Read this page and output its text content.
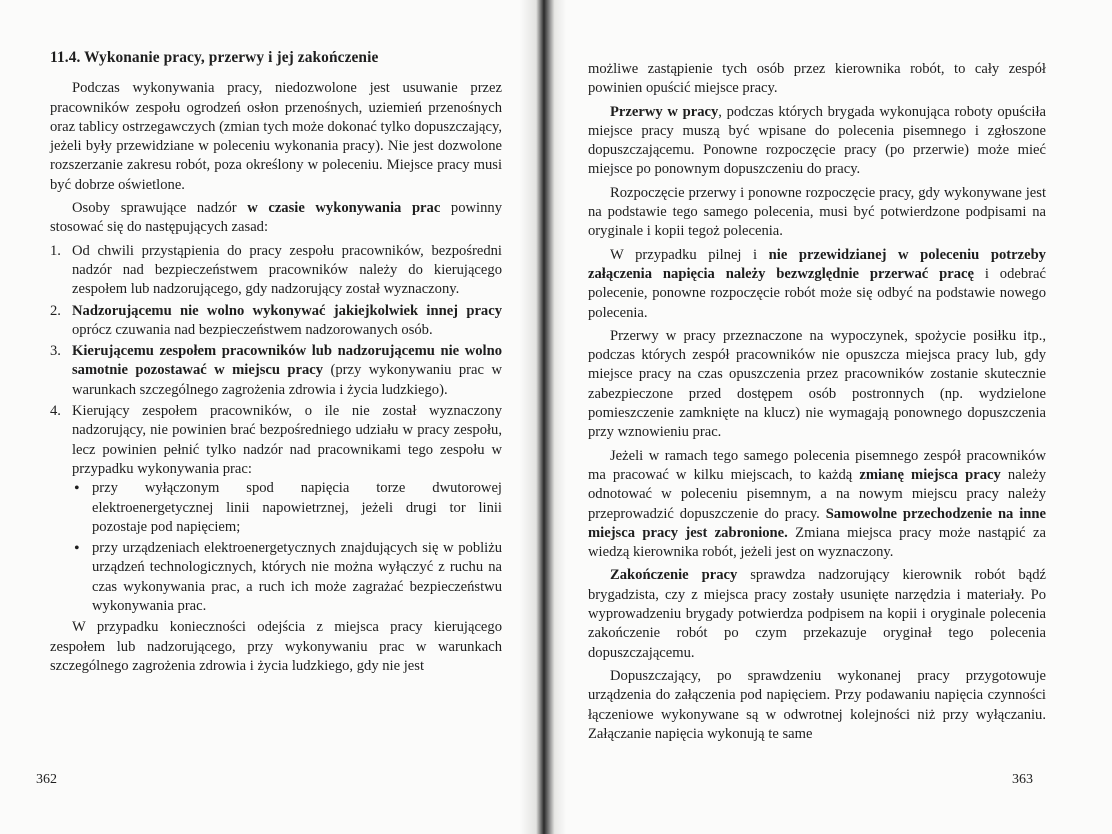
11.4. Wykonanie pracy, przerwy i jej zakończenie

Podczas wykonywania pracy, niedozwolone jest usuwanie przez pracowników zespołu ogrodzeń osłon przenośnych, uziemień przenośnych oraz tablicy ostrzegawczych (zmian tych może dokonać tylko dopuszczający, jeżeli były przewidziane w poleceniu wykonania pracy). Nie jest dozwolone rozszerzanie zakresu robót, poza określony w poleceniu. Miejsce pracy musi być dobrze oświetlone.

Osoby sprawujące nadzór w czasie wykonywania prac powinny stosować się do następujących zasad:

1. Od chwili przystąpienia do pracy zespołu pracowników, bezpośredni nadzór nad bezpieczeństwem pracowników należy do kierującego zespołem lub nadzorującego, gdy nadzorujący został wyznaczony.
2. Nadzorującemu nie wolno wykonywać jakiejkolwiek innej pracy oprócz czuwania nad bezpieczeństwem nadzorowanych osób.
3. Kierującemu zespołem pracowników lub nadzorującemu nie wolno samotnie pozostawać w miejscu pracy (przy wykonywaniu prac w warunkach szczególnego zagrożenia zdrowia i życia ludzkiego).
4. Kierujący zespołem pracowników, o ile nie został wyznaczony nadzorujący, nie powinien brać bezpośredniego udziału w pracy zespołu, lecz powinien pełnić tylko nadzór nad pracownikami tego zespołu w przypadku wykonywania prac:
• przy wyłączonym spod napięcia torze dwutorowej elektroenergetycznej linii napowietrznej, jeżeli drugi tor linii pozostaje pod napięciem;
• przy urządzeniach elektroenergetycznych znajdujących się w pobliżu urządzeń technologicznych, których nie można wyłączyć z ruchu na czas wykonywania prac, a ruch ich może zagrażać bezpieczeństwu wykonywania prac.

W przypadku konieczności odejścia z miejsca pracy kierującego zespołem lub nadzorującego, przy wykonywaniu prac w warunkach szczególnego zagrożenia zdrowia i życia ludzkiego, gdy nie jest

362

możliwe zastąpienie tych osób przez kierownika robót, to cały zespół powinien opuścić miejsce pracy.

Przerwy w pracy, podczas których brygada wykonująca roboty opuściła miejsce pracy muszą być wpisane do polecenia pisemnego i zgłoszone dopuszczającemu. Ponowne rozpoczęcie pracy (po przerwie) może mieć miejsce po ponownym dopuszczeniu do pracy.

Rozpoczęcie przerwy i ponowne rozpoczęcie pracy, gdy wykonywane jest na podstawie tego samego polecenia, musi być potwierdzone podpisami na oryginale i kopii tegoż polecenia.

W przypadku pilnej i nie przewidzianej w poleceniu potrzeby załączenia napięcia należy bezwzględnie przerwać pracę i odebrać polecenie, ponowne rozpoczęcie robót może się odbyć na podstawie nowego polecenia.

Przerwy w pracy przeznaczone na wypoczynek, spożycie posiłku itp., podczas których zespół pracowników nie opuszcza miejsca pracy lub, gdy miejsce pracy na czas opuszczenia przez pracowników zostanie skutecznie zabezpieczone przed dostępem osób postronnych (np. wydzielone pomieszczenie zamknięte na klucz) nie wymagają ponownego dopuszczenia przy wznowieniu prac.

Jeżeli w ramach tego samego polecenia pisemnego zespół pracowników ma pracować w kilku miejscach, to każdą zmianę miejsca pracy należy odnotować w poleceniu pisemnym, a na nowym miejscu pracy należy przeprowadzić dopuszczenie do pracy. Samowolne przechodzenie na inne miejsca pracy jest zabronione. Zmiana miejsca pracy może nastąpić za wiedzą kierownika robót, jeżeli jest on wyznaczony.

Zakończenie pracy sprawdza nadzorujący kierownik robót bądź brygadzista, czy z miejsca pracy zostały usunięte narzędzia i materiały. Po wyprowadzeniu brygady potwierdza podpisem na kopii i oryginale polecenia zakończenie robót po czym przekazuje oryginał tego polecenia dopuszczającemu.

Dopuszczający, po sprawdzeniu wykonanej pracy przygotowuje urządzenia do załączenia pod napięciem. Przy podawaniu napięcia czynności łączeniowe wykonywane są w odwrotnej kolejności niż przy wyłączaniu. Załączanie napięcia wykonują te same

363
